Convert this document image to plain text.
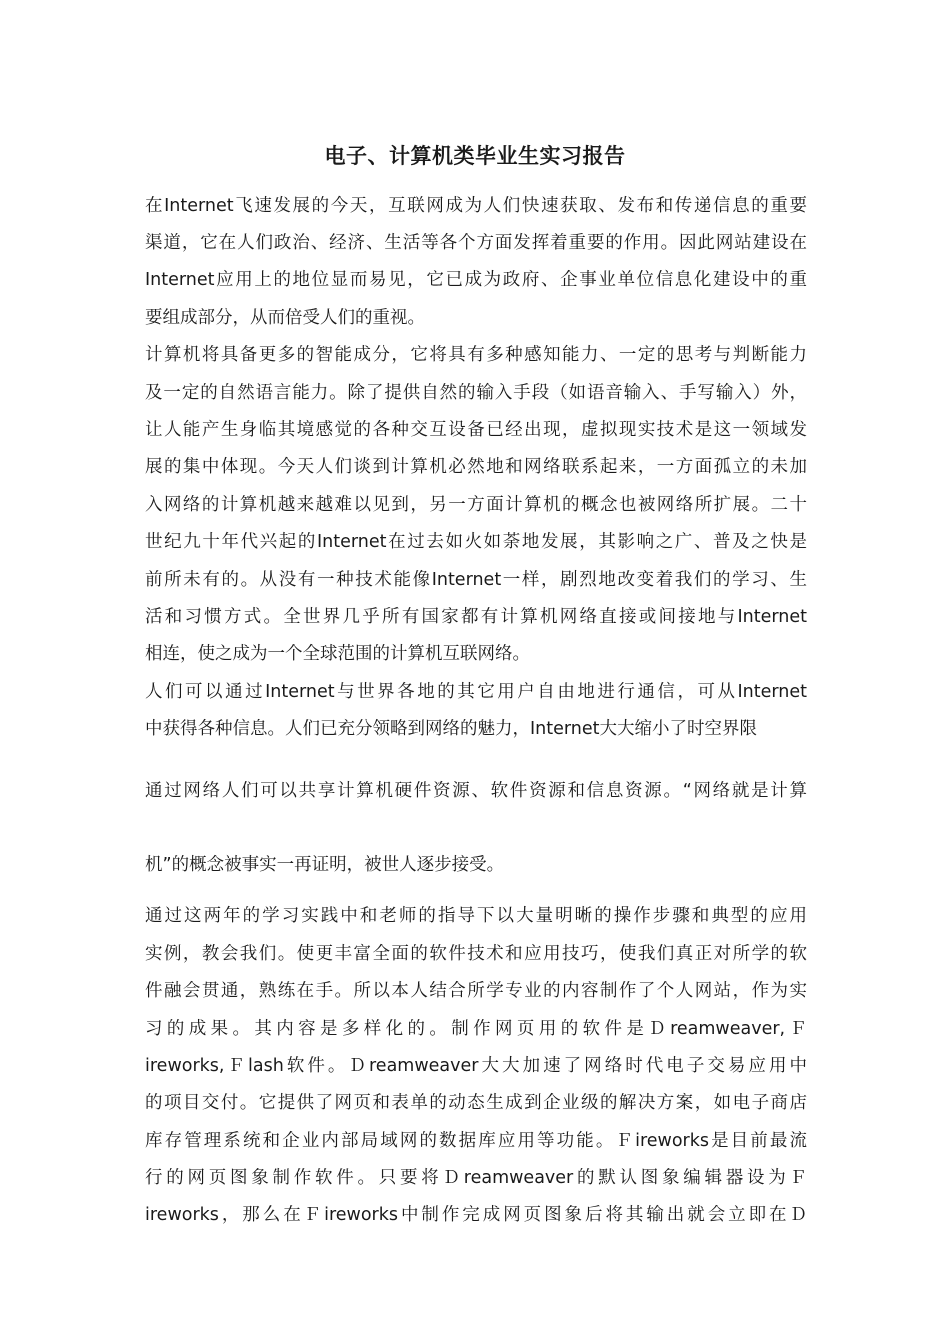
电子、计算机类毕业生实习报告
在Internet飞速发展的今天，互联网成为人们快速获取、发布和传递信息的重要
渠道，它在人们政治、经济、生活等各个方面发挥着重要的作用。因此网站建设在
Internet应用上的地位显而易见，它已成为政府、企事业单位信息化建设中的重
要组成部分，从而倍受人们的重视。
计算机将具备更多的智能成分，它将具有多种感知能力、一定的思考与判断能力
及一定的自然语言能力。除了提供自然的输入手段（如语音输入、手写输入）外，
让人能产生身临其境感觉的各种交互设备已经出现，虚拟现实技术是这一领域发
展的集中体现。今天人们谈到计算机必然地和网络联系起来，一方面孤立的未加
入网络的计算机越来越难以见到，另一方面计算机的概念也被网络所扩展。二十
世纪九十年代兴起的Internet在过去如火如荼地发展，其影响之广、普及之快是
前所未有的。从没有一种技术能像Internet一样，剧烈地改变着我们的学习、生
活和习惯方式。全世界几乎所有国家都有计算机网络直接或间接地与Internet
相连，使之成为一个全球范围的计算机互联网络。
人们可以通过Internet与世界各地的其它用户自由地进行通信，可从Internet
中获得各种信息。人们已充分领略到网络的魅力，Internet大大缩小了时空界限
通过网络人们可以共享计算机硬件资源、软件资源和信息资源。“网络就是计算
机”的概念被事实一再证明，被世人逐步接受。
通过这两年的学习实践中和老师的指导下以大量明晰的操作步骤和典型的应用
实例，教会我们。使更丰富全面的软件技术和应用技巧，使我们真正对所学的软
件融会贯通，熟练在手。所以本人结合所学专业的内容制作了个人网站，作为实
习的成果。其内容是多样化的。制作网页用的软件是Ｄreamweaver,Ｆ
ireworks,Ｆlash软件。Ｄreamweaver大大加速了网络时代电子交易应用中
的项目交付。它提供了网页和表单的动态生成到企业级的解决方案，如电子商店
库存管理系统和企业内部局域网的数据库应用等功能。Ｆireworks是目前最流
行的网页图象制作软件。只要将Ｄreamweaver的默认图象编辑器设为Ｆ
ireworks，那么在Ｆireworks中制作完成网页图象后将其输出就会立即在Ｄ
